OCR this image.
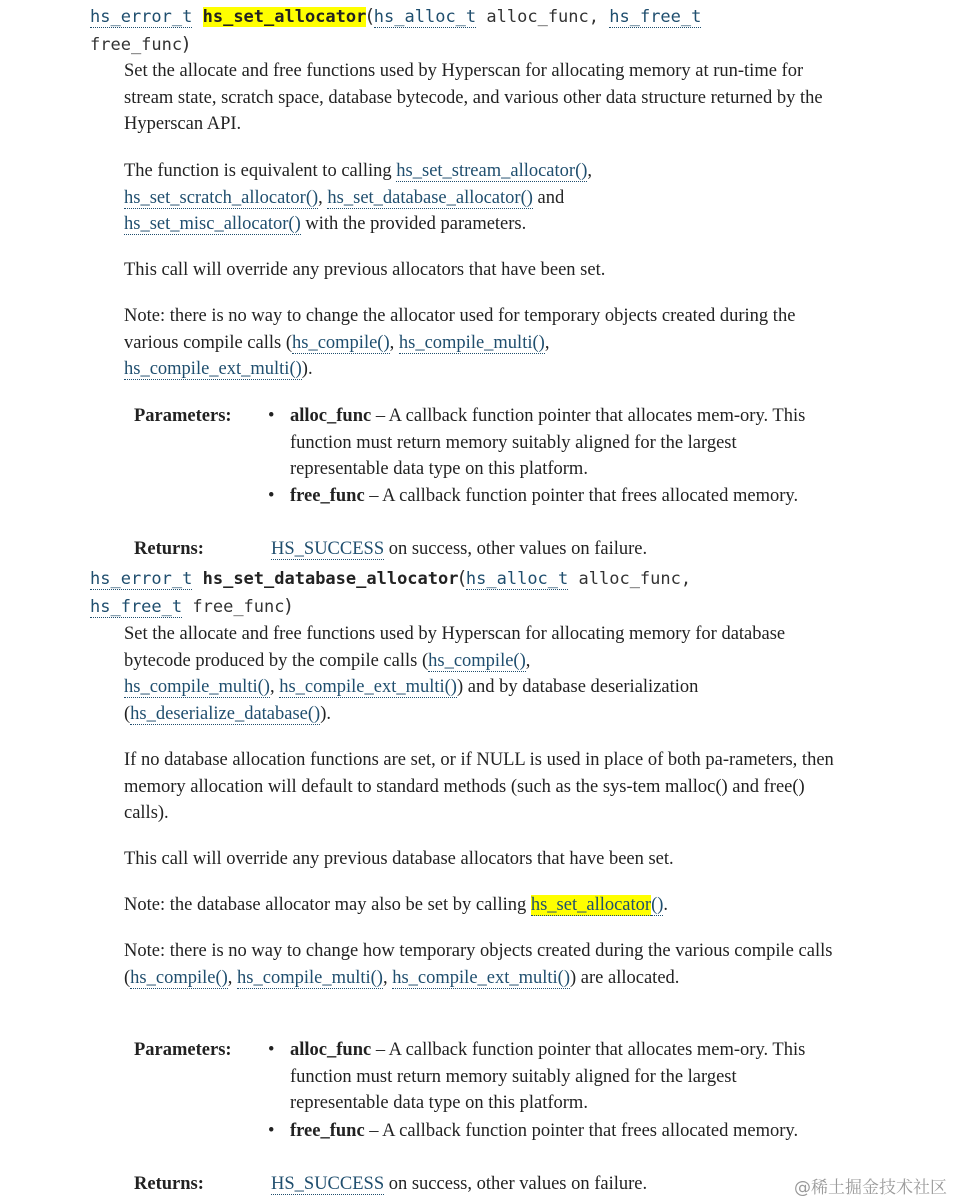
hs_error_t hs_set_allocator(hs_alloc_t alloc_func, hs_free_t
free_func)

Set the allocate and free functions used by Hyperscan for allocating memory at run-time for stream state, scratch space, database bytecode, and various other data structure returned by the Hyperscan API.

The function is equivalent to calling hs_set_stream_allocator(),
hs_set_scratch_allocator(), hs_set_database_allocator() and
hs_set_misc_allocator() with the provided parameters.

This call will override any previous allocators that have been set.

Note: there is no way to change the allocator used for temporary objects created during the various compile calls (hs_compile(), hs_compile_multi(),
hs_compile_ext_multi()).

Parameters: • alloc_func – A callback function pointer that allocates mem-ory. This function must return memory suitably aligned for the largest representable data type on this platform.
• free_func – A callback function pointer that frees allocated memory.
Returns:	HS_SUCCESS on success, other values on failure.
hs_error_t hs_set_database_allocator(hs_alloc_t alloc_func,
hs_free_t free_func)

Set the allocate and free functions used by Hyperscan for allocating memory for database bytecode produced by the compile calls (hs_compile(),
hs_compile_multi(), hs_compile_ext_multi()) and by database deserialization (hs_deserialize_database()).

If no database allocation functions are set, or if NULL is used in place of both pa-rameters, then memory allocation will default to standard methods (such as the sys-tem malloc() and free() calls).

This call will override any previous database allocators that have been set.

Note: the database allocator may also be set by calling hs_set_allocator().

Note: there is no way to change how temporary objects created during the various compile calls (hs_compile(), hs_compile_multi(), hs_compile_ext_multi()) are allocated.

Parameters: • alloc_func – A callback function pointer that allocates mem-ory. This function must return memory suitably aligned for the largest representable data type on this platform.
• free_func – A callback function pointer that frees allocated memory.
Returns:	HS_SUCCESS on success, other values on failure.	@稀土掘金技术社区
